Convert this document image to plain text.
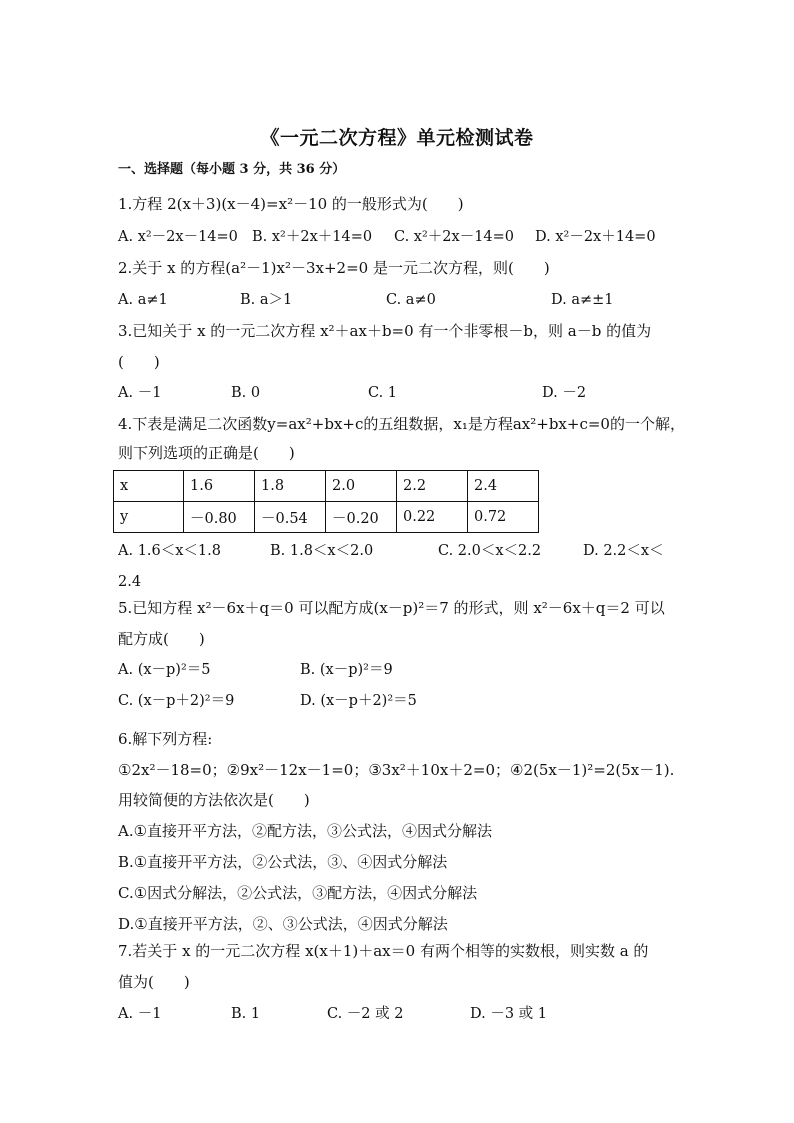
《一元二次方程》单元检测试卷
一、选择题（每小题 3 分，共 36 分）
1.方程 2(x＋3)(x－4)=x²－10 的一般形式为(　　)
A. x²－2x－14=0 B. x²＋2x＋14=0 C. x²＋2x－14=0 D. x²－2x＋14=0
2.关于 x 的方程(a²－1)x²－3x+2=0 是一元二次方程，则(　　)
A. a≠1	B. a＞1	C. a≠0	D. a≠±1
3.已知关于 x 的一元二次方程 x²＋ax＋b=0 有一个非零根－b，则 a－b 的值为
(　　)
A. －1	B. 0	C. 1	D. －2
4.下表是满足二次函数y=ax²+bx+c的五组数据，x₁是方程ax²+bx+c=0的一个解，
则下列选项的正确是(　　)
x	1.6	1.8	2.0	2.2	2.4
y	－0.80	－0.54	－0.20	0.22	0.72
A. 1.6＜x＜1.8	B. 1.8＜x＜2.0	C. 2.0＜x＜2.2	D. 2.2＜x＜
2.4
5.已知方程 x²－6x＋q＝0 可以配方成(x－p)²＝7 的形式，则 x²－6x＋q＝2 可以
配方成(　　)
A. (x－p)²＝5	B. (x－p)²＝9
C. (x－p＋2)²＝9	D. (x－p＋2)²＝5
6.解下列方程:
①2x²－18=0；②9x²－12x－1=0；③3x²＋10x＋2=0；④2(5x－1)²=2(5x－1).
用较简便的方法依次是(　　)
A.①直接开平方法，②配方法，③公式法，④因式分解法
B.①直接开平方法，②公式法，③、④因式分解法
C.①因式分解法，②公式法，③配方法，④因式分解法
D.①直接开平方法，②、③公式法，④因式分解法
7.若关于 x 的一元二次方程 x(x＋1)＋ax＝0 有两个相等的实数根，则实数 a 的
值为(　　)
A. －1	B. 1	C. －2 或 2	D. －3 或 1
